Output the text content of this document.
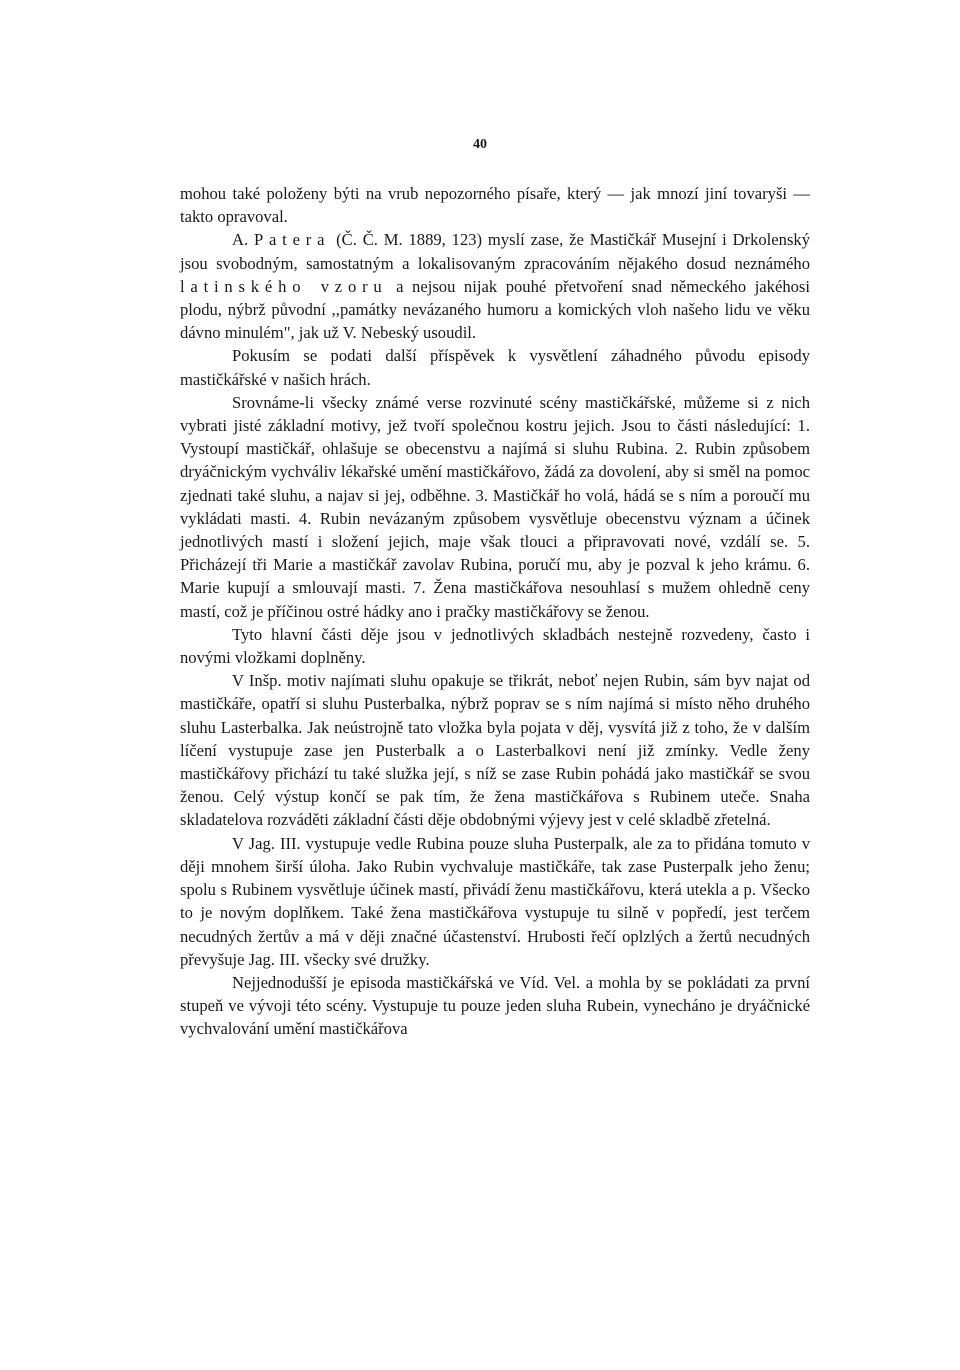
40

mohou také položeny býti na vrub nepozorného písaře, který — jak mnozí jiní tovaryši — takto opravoval.

A. Patera (Č. Č. M. 1889, 123) myslí zase, že Mastičkář Musejní i Drkolenský jsou svobodným, samostatným a lokalisovaným zpracováním nějakého dosud neznámého latinského vzoru a nejsou nijak pouhé přetvoření snad německého jakéhosi plodu, nýbrž původní ,,památky nevázaného humoru a komických vloh našeho lidu ve věku dávno minulém", jak už V. Nebeský usoudil.

Pokusím se podati další příspěvek k vysvětlení záhadného původu episody mastičkářské v našich hrách.

Srovnáme-li všecky známé verse rozvinuté scény mastičkářské, můžeme si z nich vybrati jisté základní motivy, jež tvoří společnou kostru jejich. Jsou to části následující: 1. Vystoupí mastičkář, ohlašuje se obecenstvu a najímá si sluhu Rubina. 2. Rubin způsobem dryáčnickým vychváliv lékařské umění mastičkářovo, žádá za dovolení, aby si směl na pomoc zjednati také sluhu, a najav si jej, odběhne. 3. Mastičkář ho volá, hádá se s ním a poroučí mu vykládati masti. 4. Rubin nevázaným způsobem vysvětluje obecenstvu význam a účinek jednotlivých mastí i složení jejich, maje však tlouci a připravovati nové, vzdálí se. 5. Přicházejí tři Marie a mastičkář zavolav Rubina, poručí mu, aby je pozval k jeho krámu. 6. Marie kupují a smlouvají masti. 7. Žena mastičkářova nesouhlasí s mužem ohledně ceny mastí, což je příčinou ostré hádky ano i pračky mastičkářovy se ženou.

Tyto hlavní části děje jsou v jednotlivých skladbách nestejně rozvedeny, často i novými vložkami doplněny.

V Inšp. motiv najímati sluhu opakuje se třikrát, neboť nejen Rubin, sám byv najat od mastičkáře, opatří si sluhu Pusterbalka, nýbrž poprav se s ním najímá si místo něho druhého sluhu Lasterbalka. Jak neústrojně tato vložka byla pojata v děj, vysvítá již z toho, že v dalším líčení vystupuje zase jen Pusterbalk a o Lasterbalkovi není již zmínky. Vedle ženy mastičkářovy přichází tu také služka její, s níž se zase Rubin pohádá jako mastičkář se svou ženou. Celý výstup končí se pak tím, že žena mastičkářova s Rubinem uteče. Snaha skladatelova rozváděti základní části děje obdobnými výjevy jest v celé skladbě zřetelná.

V Jag. III. vystupuje vedle Rubina pouze sluha Pusterpalk, ale za to přidána tomuto v ději mnohem širší úloha. Jako Rubin vychvaluje mastičkáře, tak zase Pusterpalk jeho ženu; spolu s Rubinem vysvětluje účinek mastí, přivádí ženu mastičkářovu, která utekla a p. Všecko to je novým doplňkem. Také žena mastičkářova vystupuje tu silně v popředí, jest terčem necudných žertův a má v ději značné účastenství. Hrubosti řečí oplzlých a žertů necudných převyšuje Jag. III. všecky své družky.

Nejjednodušší je episoda mastičkářská ve Víd. Vel. a mohla by se pokládati za první stupeň ve vývoji této scény. Vystupuje tu pouze jeden sluha Rubein, vynecháno je dryáčnické vychvalování umění mastičkářova
